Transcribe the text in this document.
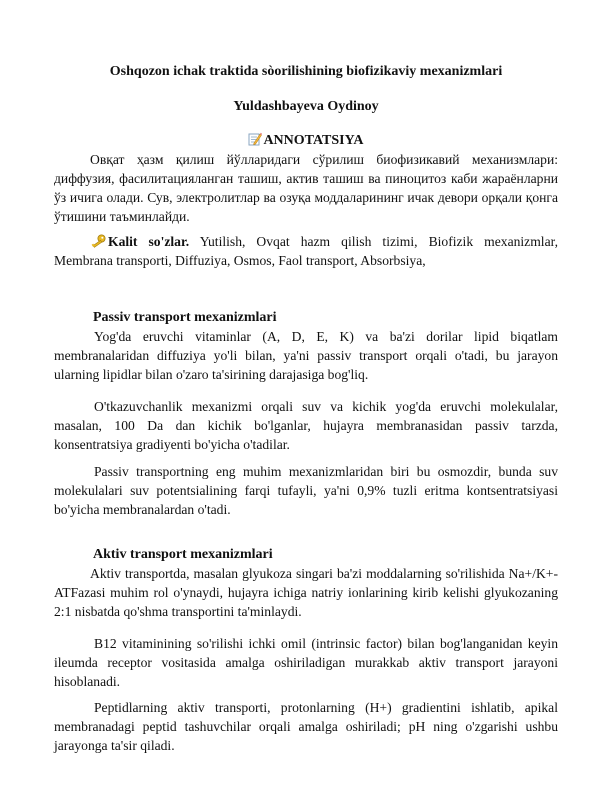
Oshqozon ichak traktida sòorilishining biofizikaviy mexanizmlari
Yuldashbayeva Oydinoy
ANNOTATSIYA
Овқат ҳазм қилиш йўлларидаги сўрилиш биофизикавий механизмлари: диффузия, фасилитацияланган ташиш, актив ташиш ва пиноцитоз каби жараёнларни ўз ичига олади. Сув, электролитлар ва озуқа моддаларининг ичак девори орқали қонга ўтишини таъминлайди.
Kalit so'zlar. Yutilish, Ovqat hazm qilish tizimi, Biofizik mexanizmlar, Membrana transporti, Diffuziya, Osmos, Faol transport, Absorbsiya,
Passiv transport mexanizmlari
Yog'da eruvchi vitaminlar (A, D, E, K) va ba'zi dorilar lipid biqatlam membranalaridan diffuziya yo'li bilan, ya'ni passiv transport orqali o'tadi, bu jarayon ularning lipidlar bilan o'zaro ta'sirining darajasiga bog'liq.
O'tkazuvchanlik mexanizmi orqali suv va kichik yog'da eruvchi molekulalar, masalan, 100 Da dan kichik bo'lganlar, hujayra membranasidan passiv tarzda, konsentratsiya gradiyenti bo'yicha o'tadilar.
Passiv transportning eng muhim mexanizmlaridan biri bu osmozdir, bunda suv molekulalari suv potentsialining farqi tufayli, ya'ni 0,9% tuzli eritma kontsentratsiyasi bo'yicha membranalardan o'tadi.
Aktiv transport mexanizmlari
Aktiv transportda, masalan glyukoza singari ba'zi moddalarning so'rilishida Na+/K+-ATFazasi muhim rol o'ynaydi, hujayra ichiga natriy ionlarining kirib kelishi glyukozaning 2:1 nisbatda qo'shma transportini ta'minlaydi.
B12 vitaminining so'rilishi ichki omil (intrinsic factor) bilan bog'langanidan keyin ileumda receptor vositasida amalga oshiriladigan murakkab aktiv transport jarayoni hisoblanadi.
Peptidlarning aktiv transporti, protonlarning (H+) gradientini ishlatib, apikal membranadagi peptid tashuvchilar orqali amalga oshiriladi; pH ning o'zgarishi ushbu jarayonga ta'sir qiladi.
